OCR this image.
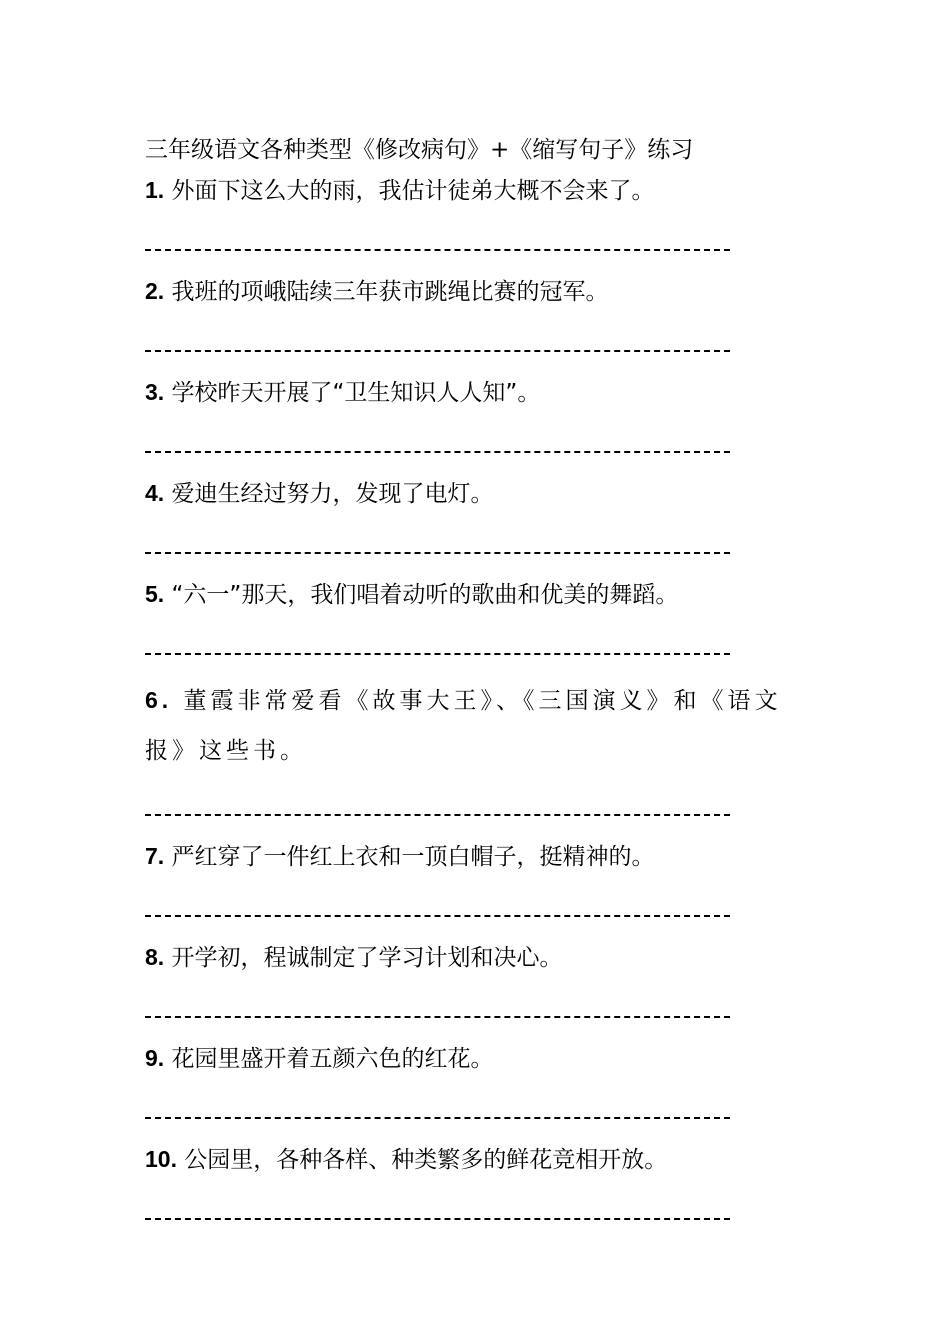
三年级语文各种类型《修改病句》+《缩写句子》练习

1. 外面下这么大的雨，我估计徒弟大概不会来了。

2. 我班的项峨陆续三年获市跳绳比赛的冠军。

3. 学校昨天开展了“卫生知识人人知”。

4. 爱迪生经过努力，发现了电灯。

5. “六一”那天，我们唱着动听的歌曲和优美的舞蹈。

6. 董霞非常爱看《故事大王》、《三国演义》和《语文报》这些书。

7. 严红穿了一件红上衣和一顶白帽子，挺精神的。

8. 开学初，程诚制定了学习计划和决心。

9. 花园里盛开着五颜六色的红花。

10. 公园里，各种各样、种类繁多的鲜花竞相开放。
